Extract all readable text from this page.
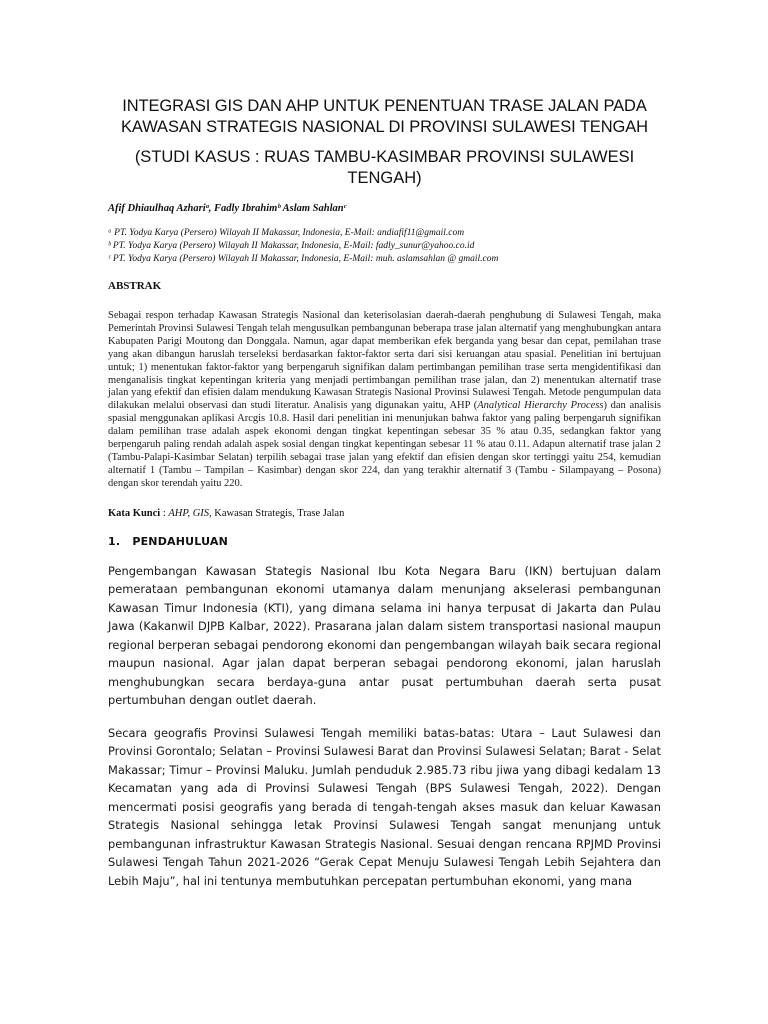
INTEGRASI GIS DAN AHP UNTUK PENENTUAN TRASE JALAN PADA KAWASAN STRATEGIS NASIONAL DI PROVINSI SULAWESI TENGAH
(STUDI KASUS : RUAS TAMBU-KASIMBAR PROVINSI SULAWESI TENGAH)

Afif Dhiaulhaq Azhariᵃ, Fadly Ibrahimᵇ Aslam Sahlanᶜ

ᵃ PT. Yodya Karya (Persero) Wilayah II Makassar, Indonesia, E-Mail: andiafif11@gmail.com

ᵇ PT. Yodya Karya (Persero) Wilayah II Makassar, Indonesia, E-Mail: fadly_sunur@yahoo.co.id

ᶜ PT. Yodya Karya (Persero) Wilayah II Makassar, Indonesia, E-Mail: muh. aslamsahlan @ gmail.com

ABSTRAK

Sebagai respon terhadap Kawasan Strategis Nasional dan keterisolasian daerah-daerah penghubung di Sulawesi Tengah, maka Pemerintah Provinsi Sulawesi Tengah telah mengusulkan pembangunan beberapa trase jalan alternatif yang menghubungkan antara Kabupaten Parigi Moutong dan Donggala. Namun, agar dapat memberikan efek berganda yang besar dan cepat, pemilahan trase yang akan dibangun haruslah terseleksi berdasarkan faktor-faktor serta dari sisi keruangan atau spasial. Penelitian ini bertujuan untuk; 1) menentukan faktor-faktor yang berpengaruh signifikan dalam pertimbangan pemilihan trase serta mengidentifikasi dan menganalisis tingkat kepentingan kriteria yang menjadi pertimbangan pemilihan trase jalan, dan 2) menentukan alternatif trase jalan yang efektif dan efisien dalam mendukung Kawasan Strategis Nasional Provinsi Sulawesi Tengah. Metode pengumpulan data dilakukan melalui observasi dan studi literatur. Analisis yang digunakan yaitu, AHP (Analytical Hierarchy Process) dan analisis spasial menggunakan aplikasi Arcgis 10.8. Hasil dari penelitian ini menunjukan bahwa faktor yang paling berpengaruh signifikan dalam pemilihan trase adalah aspek ekonomi dengan tingkat kepentingan sebesar 35 % atau 0.35, sedangkan faktor yang berpengaruh paling rendah adalah aspek sosial dengan tingkat kepentingan sebesar 11 % atau 0.11. Adapun alternatif trase jalan 2 (Tambu-Palapi-Kasimbar Selatan) terpilih sebagai trase jalan yang efektif dan efisien dengan skor tertinggi yaitu 254, kemudian alternatif 1 (Tambu – Tampilan – Kasimbar) dengan skor 224, dan yang terakhir alternatif 3 (Tambu - Silampayang – Posona) dengan skor terendah yaitu 220.

Kata Kunci : AHP, GIS, Kawasan Strategis, Trase Jalan

1.   PENDAHULUAN

Pengembangan Kawasan Stategis Nasional Ibu Kota Negara Baru (IKN) bertujuan dalam pemerataan pembangunan ekonomi utamanya dalam menunjang akselerasi pembangunan Kawasan Timur Indonesia (KTI), yang dimana selama ini hanya terpusat di Jakarta dan Pulau Jawa (Kakanwil DJPB Kalbar, 2022). Prasarana jalan dalam sistem transportasi nasional maupun regional berperan sebagai pendorong ekonomi dan pengembangan wilayah baik secara regional maupun nasional. Agar jalan dapat berperan sebagai pendorong ekonomi, jalan haruslah menghubungkan secara berdaya-guna antar pusat pertumbuhan daerah serta pusat pertumbuhan dengan outlet daerah.

Secara geografis Provinsi Sulawesi Tengah memiliki batas-batas: Utara – Laut Sulawesi dan Provinsi Gorontalo; Selatan – Provinsi Sulawesi Barat dan Provinsi Sulawesi Selatan; Barat - Selat Makassar; Timur – Provinsi Maluku. Jumlah penduduk 2.985.73 ribu jiwa yang dibagi kedalam 13 Kecamatan yang ada di Provinsi Sulawesi Tengah (BPS Sulawesi Tengah, 2022). Dengan mencermati posisi geografis yang berada di tengah-tengah akses masuk dan keluar Kawasan Strategis Nasional sehingga letak Provinsi Sulawesi Tengah sangat menunjang untuk pembangunan infrastruktur Kawasan Strategis Nasional. Sesuai dengan rencana RPJMD Provinsi Sulawesi Tengah Tahun 2021-2026 “Gerak Cepat Menuju Sulawesi Tengah Lebih Sejahtera dan Lebih Maju”, hal ini tentunya membutuhkan percepatan pertumbuhan ekonomi, yang mana
